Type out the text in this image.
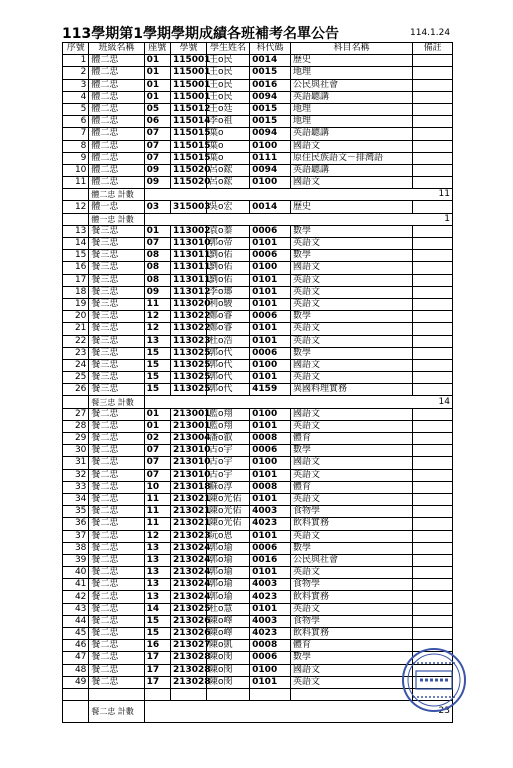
113學期第1學期學期成績各班補考名單公告	114.1.24
序號	班級名稱	座號	學號	學生姓名	科代碼	科目名稱	備註
1	體二忠	01	115001	王o民	0014	歷史	
2	體二忠	01	115001	王o民	0015	地理	
3	體二忠	01	115001	王o民	0016	公民與社會	
4	體二忠	01	115001	王o民	0094	英語聽講	
5	體二忠	05	115012	王o廷	0015	地理	
6	體二忠	06	115014	李o祖	0015	地理	
7	體二忠	07	115015	葉o	0094	英語聽講	
8	體二忠	07	115015	葉o	0100	國語文	
9	體二忠	07	115015	葉o	0111	原住民族語文－排灣語	
10	體二忠	09	115020	呂o鋐	0094	英語聽講	
11	體二忠	09	115020	呂o鋐	0100	國語文	
	體二忠 計數	11					
12	體一忠	03	315003	吳o宏	0014	歷史	
	體一忠 計數	1					
13	餐三忠	01	113002	袁o蓁	0006	數學	
14	餐三忠	07	113010	郭o帝	0101	英語文	
15	餐三忠	08	113011	劉o佑	0006	數學	
16	餐三忠	08	113011	劉o佑	0100	國語文	
17	餐三忠	08	113011	劉o佑	0101	英語文	
18	餐三忠	09	113012	李o瑯	0101	英語文	
19	餐三忠	11	113020	利o駿	0101	英語文	
20	餐三忠	12	113022	鄭o睿	0006	數學	
21	餐三忠	12	113022	鄭o睿	0101	英語文	
22	餐三忠	13	113023	杜o浩	0101	英語文	
23	餐三忠	15	113025	郭o代	0006	數學	
24	餐三忠	15	113025	郭o代	0100	國語文	
25	餐三忠	15	113025	郭o代	0101	英語文	
26	餐三忠	15	113025	郭o代	4159	異國料理實務	
	餐三忠 計數	14					
27	餐二忠	01	213001	藍o翔	0100	國語文	
28	餐二忠	01	213001	藍o翔	0101	英語文	
29	餐二忠	02	213004	潘o叡	0008	體育	
30	餐二忠	07	213010	古o宇	0006	數學	
31	餐二忠	07	213010	古o宇	0100	國語文	
32	餐二忠	07	213010	古o宇	0101	英語文	
33	餐二忠	10	213018	蘇o淳	0008	體育	
34	餐二忠	11	213021	陳o光佑	0101	英語文	
35	餐二忠	11	213021	陳o光佑	4003	食物學	
36	餐二忠	11	213021	陳o光佑	4023	飲料實務	
37	餐二忠	12	213023	阮o恩	0101	英語文	
38	餐二忠	13	213024	郭o瑜	0006	數學	
39	餐二忠	13	213024	郭o瑜	0016	公民與社會	
40	餐二忠	13	213024	郭o瑜	0101	英語文	
41	餐二忠	13	213024	郭o瑜	4003	食物學	
42	餐二忠	13	213024	郭o瑜	4023	飲料實務	
43	餐二忠	14	213025	杜o慧	0101	英語文	
44	餐二忠	15	213026	陳o嶧	4003	食物學	
45	餐二忠	15	213026	陳o嶧	4023	飲料實務	
46	餐二忠	16	213027	陳o凱	0008	體育	
47	餐二忠	17	213028	陳o閔	0006	數學	
48	餐二忠	17	213028	陳o閔	0100	國語文	
49	餐二忠	17	213028	陳o閔	0101	英語文	

	餐二忠 計數	23					
